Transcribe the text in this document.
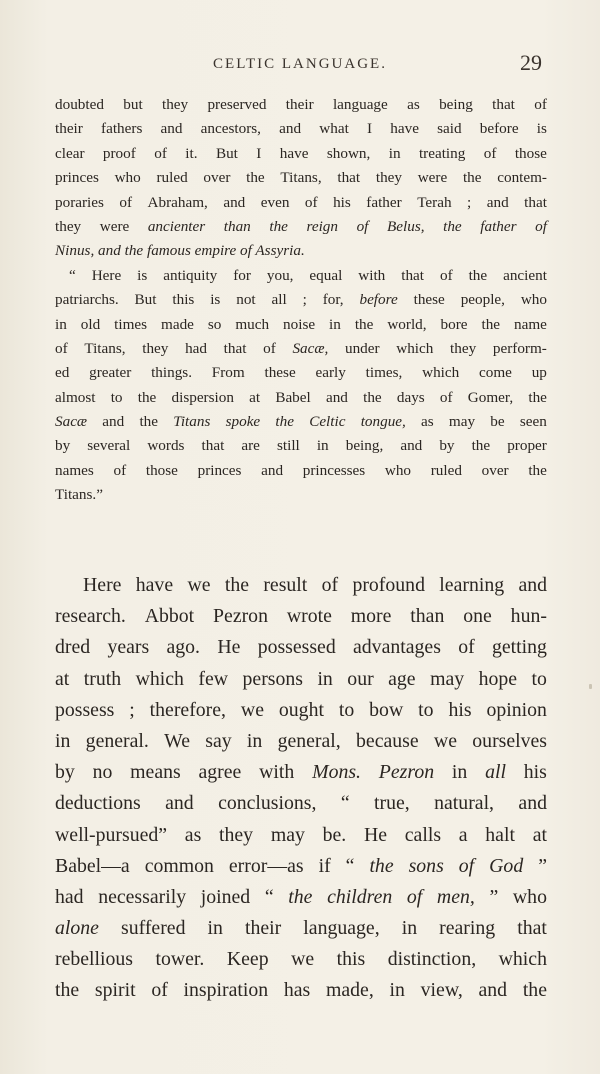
CELTIC LANGUAGE.	29
doubted but they preserved their language as being that of
their fathers and ancestors, and what I have said before is
clear proof of it. But I have shown, in treating of those
princes who ruled over the Titans, that they were the contem-
poraries of Abraham, and even of his father Terah ; and that
they were ancienter than the reign of Belus, the father of
Ninus, and the famous empire of Assyria.
“ Here is antiquity for you, equal with that of the ancient
patriarchs. But this is not all ; for, before these people, who
in old times made so much noise in the world, bore the name
of Titans, they had that of Sacæ, under which they perform-
ed greater things. From these early times, which come up
almost to the dispersion at Babel and the days of Gomer, the
Sacæ and the Titans spoke the Celtic tongue, as may be seen
by several words that are still in being, and by the proper
names of those princes and princesses who ruled over the
Titans.”
Here have we the result of profound learning and
research. Abbot Pezron wrote more than one hun-
dred years ago. He possessed advantages of getting
at truth which few persons in our age may hope to
possess ; therefore, we ought to bow to his opinion
in general. We say in general, because we ourselves
by no means agree with Mons. Pezron in all his
deductions and conclusions, “ true, natural, and
well-pursued” as they may be. He calls a halt at
Babel—a common error—as if “ the sons of God ”
had necessarily joined “ the children of men, ” who
alone suffered in their language, in rearing that
rebellious tower. Keep we this distinction, which
the spirit of inspiration has made, in view, and the
